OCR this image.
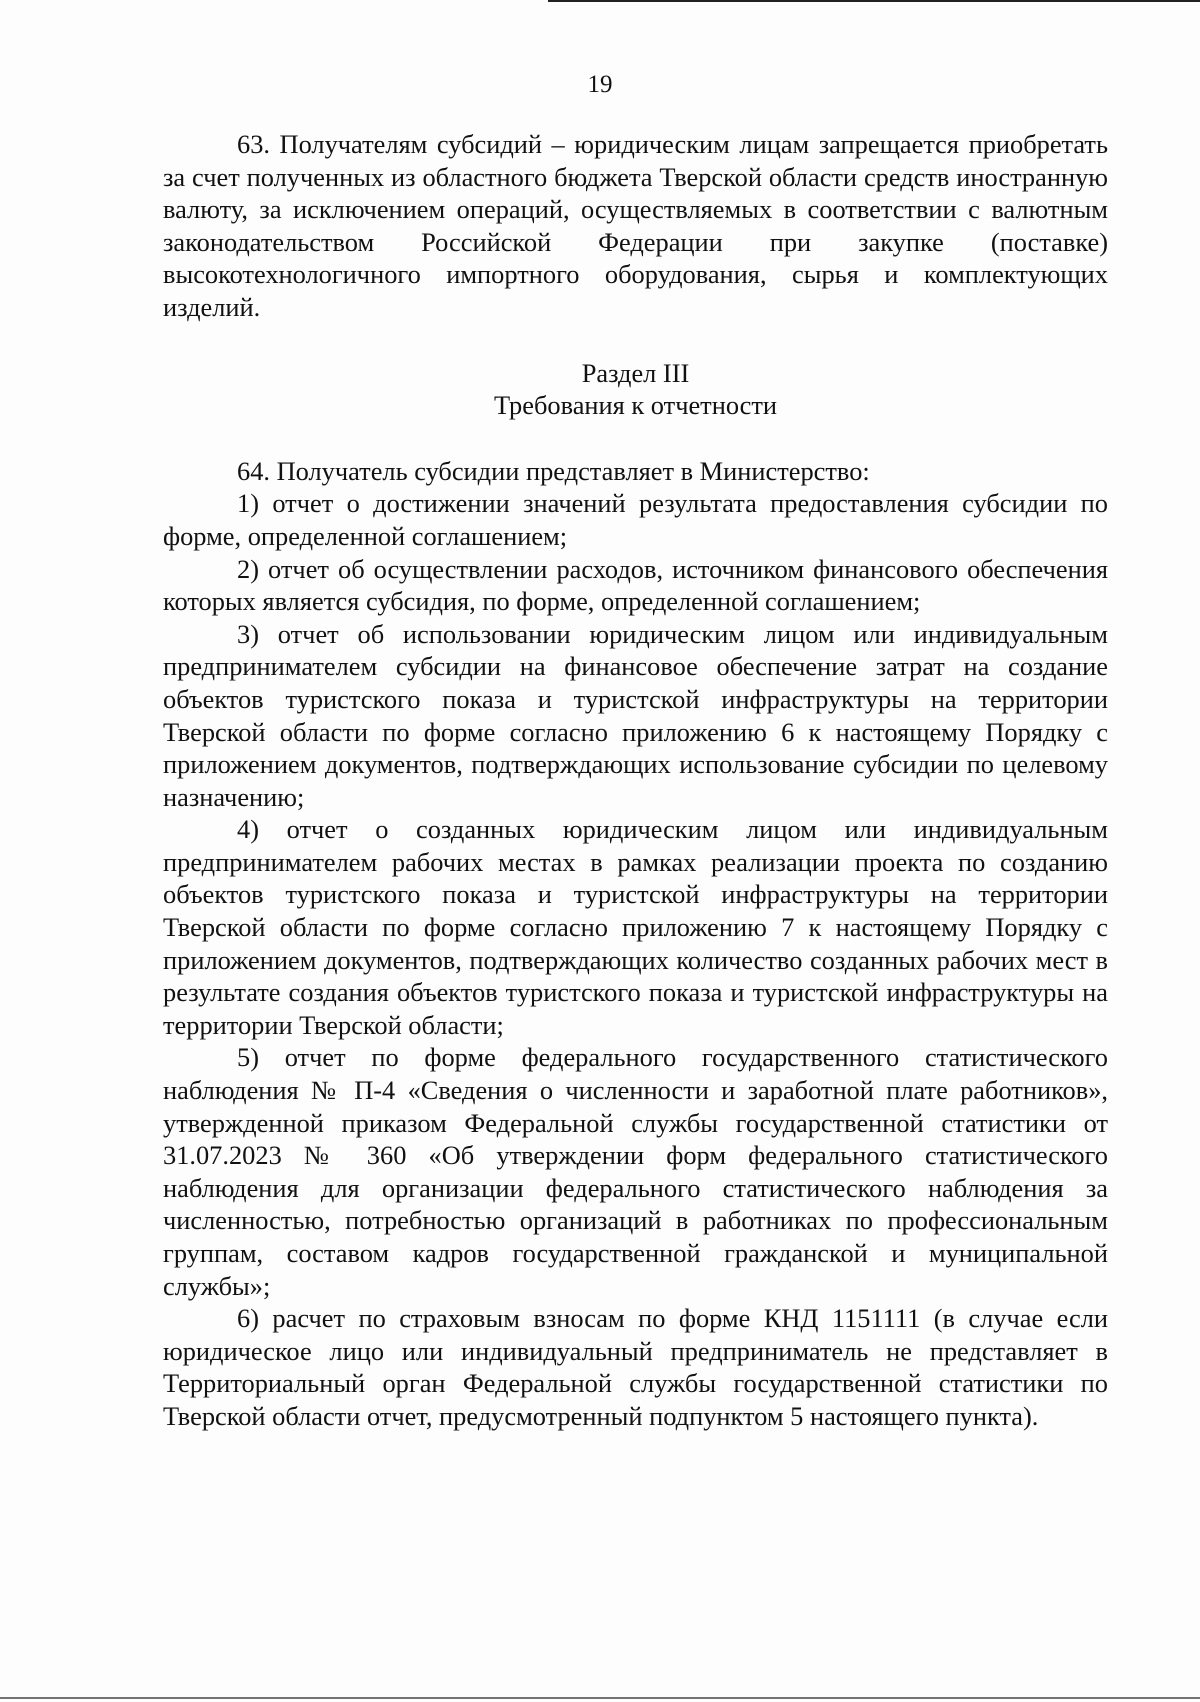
19

63. Получателям субсидий – юридическим лицам запрещается приобретать за счет полученных из областного бюджета Тверской области средств иностранную валюту, за исключением операций, осуществляемых в соответствии с валютным законодательством Российской Федерации при закупке (поставке) высокотехнологичного импортного оборудования, сырья и комплектующих изделий.

Раздел III

Требования к отчетности

64. Получатель субсидии представляет в Министерство:

1) отчет о достижении значений результата предоставления субсидии по форме, определенной соглашением;

2) отчет об осуществлении расходов, источником финансового обеспечения которых является субсидия, по форме, определенной соглашением;

3) отчет об использовании юридическим лицом или индивидуальным предпринимателем субсидии на финансовое обеспечение затрат на создание объектов туристского показа и туристской инфраструктуры на территории Тверской области по форме согласно приложению 6 к настоящему Порядку с приложением документов, подтверждающих использование субсидии по целевому назначению;

4) отчет о созданных юридическим лицом или индивидуальным предпринимателем рабочих местах в рамках реализации проекта по созданию объектов туристского показа и туристской инфраструктуры на территории Тверской области по форме согласно приложению 7 к настоящему Порядку с приложением документов, подтверждающих количество созданных рабочих мест в результате создания объектов туристского показа и туристской инфраструктуры на территории Тверской области;

5) отчет по форме федерального государственного статистического наблюдения № П-4 «Сведения о численности и заработной плате работников», утвержденной приказом Федеральной службы государственной статистики от 31.07.2023 № 360 «Об утверждении форм федерального статистического наблюдения для организации федерального статистического наблюдения за численностью, потребностью организаций в работниках по профессиональным группам, составом кадров государственной гражданской и муниципальной службы»;

6) расчет по страховым взносам по форме КНД 1151111 (в случае если юридическое лицо или индивидуальный предприниматель не представляет в Территориальный орган Федеральной службы государственной статистики по Тверской области отчет, предусмотренный подпунктом 5 настоящего пункта).
